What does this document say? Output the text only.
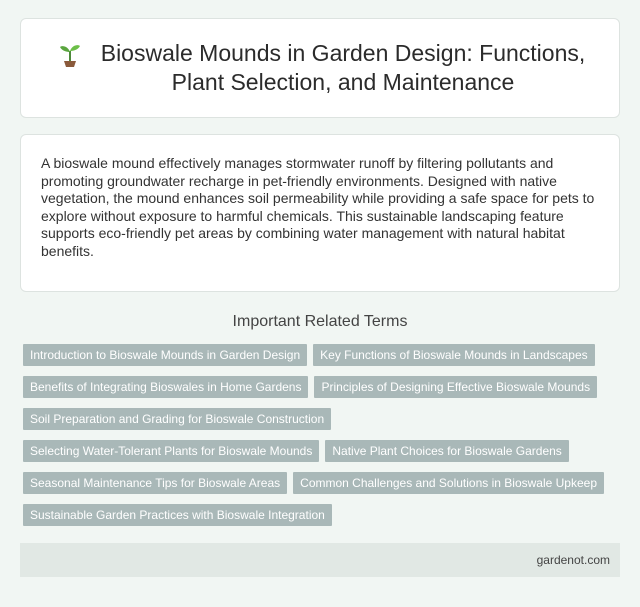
Bioswale Mounds in Garden Design: Functions,
Plant Selection, and Maintenance

A bioswale mound effectively manages stormwater runoff by filtering pollutants and promoting groundwater recharge in pet-friendly environments. Designed with native vegetation, the mound enhances soil permeability while providing a safe space for pets to explore without exposure to harmful chemicals. This sustainable landscaping feature supports eco-friendly pet areas by combining water management with natural habitat benefits.

Important Related Terms
Introduction to Bioswale Mounds in Garden Design	Key Functions of Bioswale Mounds in Landscapes
Benefits of Integrating Bioswales in Home Gardens	Principles of Designing Effective Bioswale Mounds
Soil Preparation and Grading for Bioswale Construction
Selecting Water-Tolerant Plants for Bioswale Mounds	Native Plant Choices for Bioswale Gardens
Seasonal Maintenance Tips for Bioswale Areas	Common Challenges and Solutions in Bioswale Upkeep
Sustainable Garden Practices with Bioswale Integration
gardenot.com
